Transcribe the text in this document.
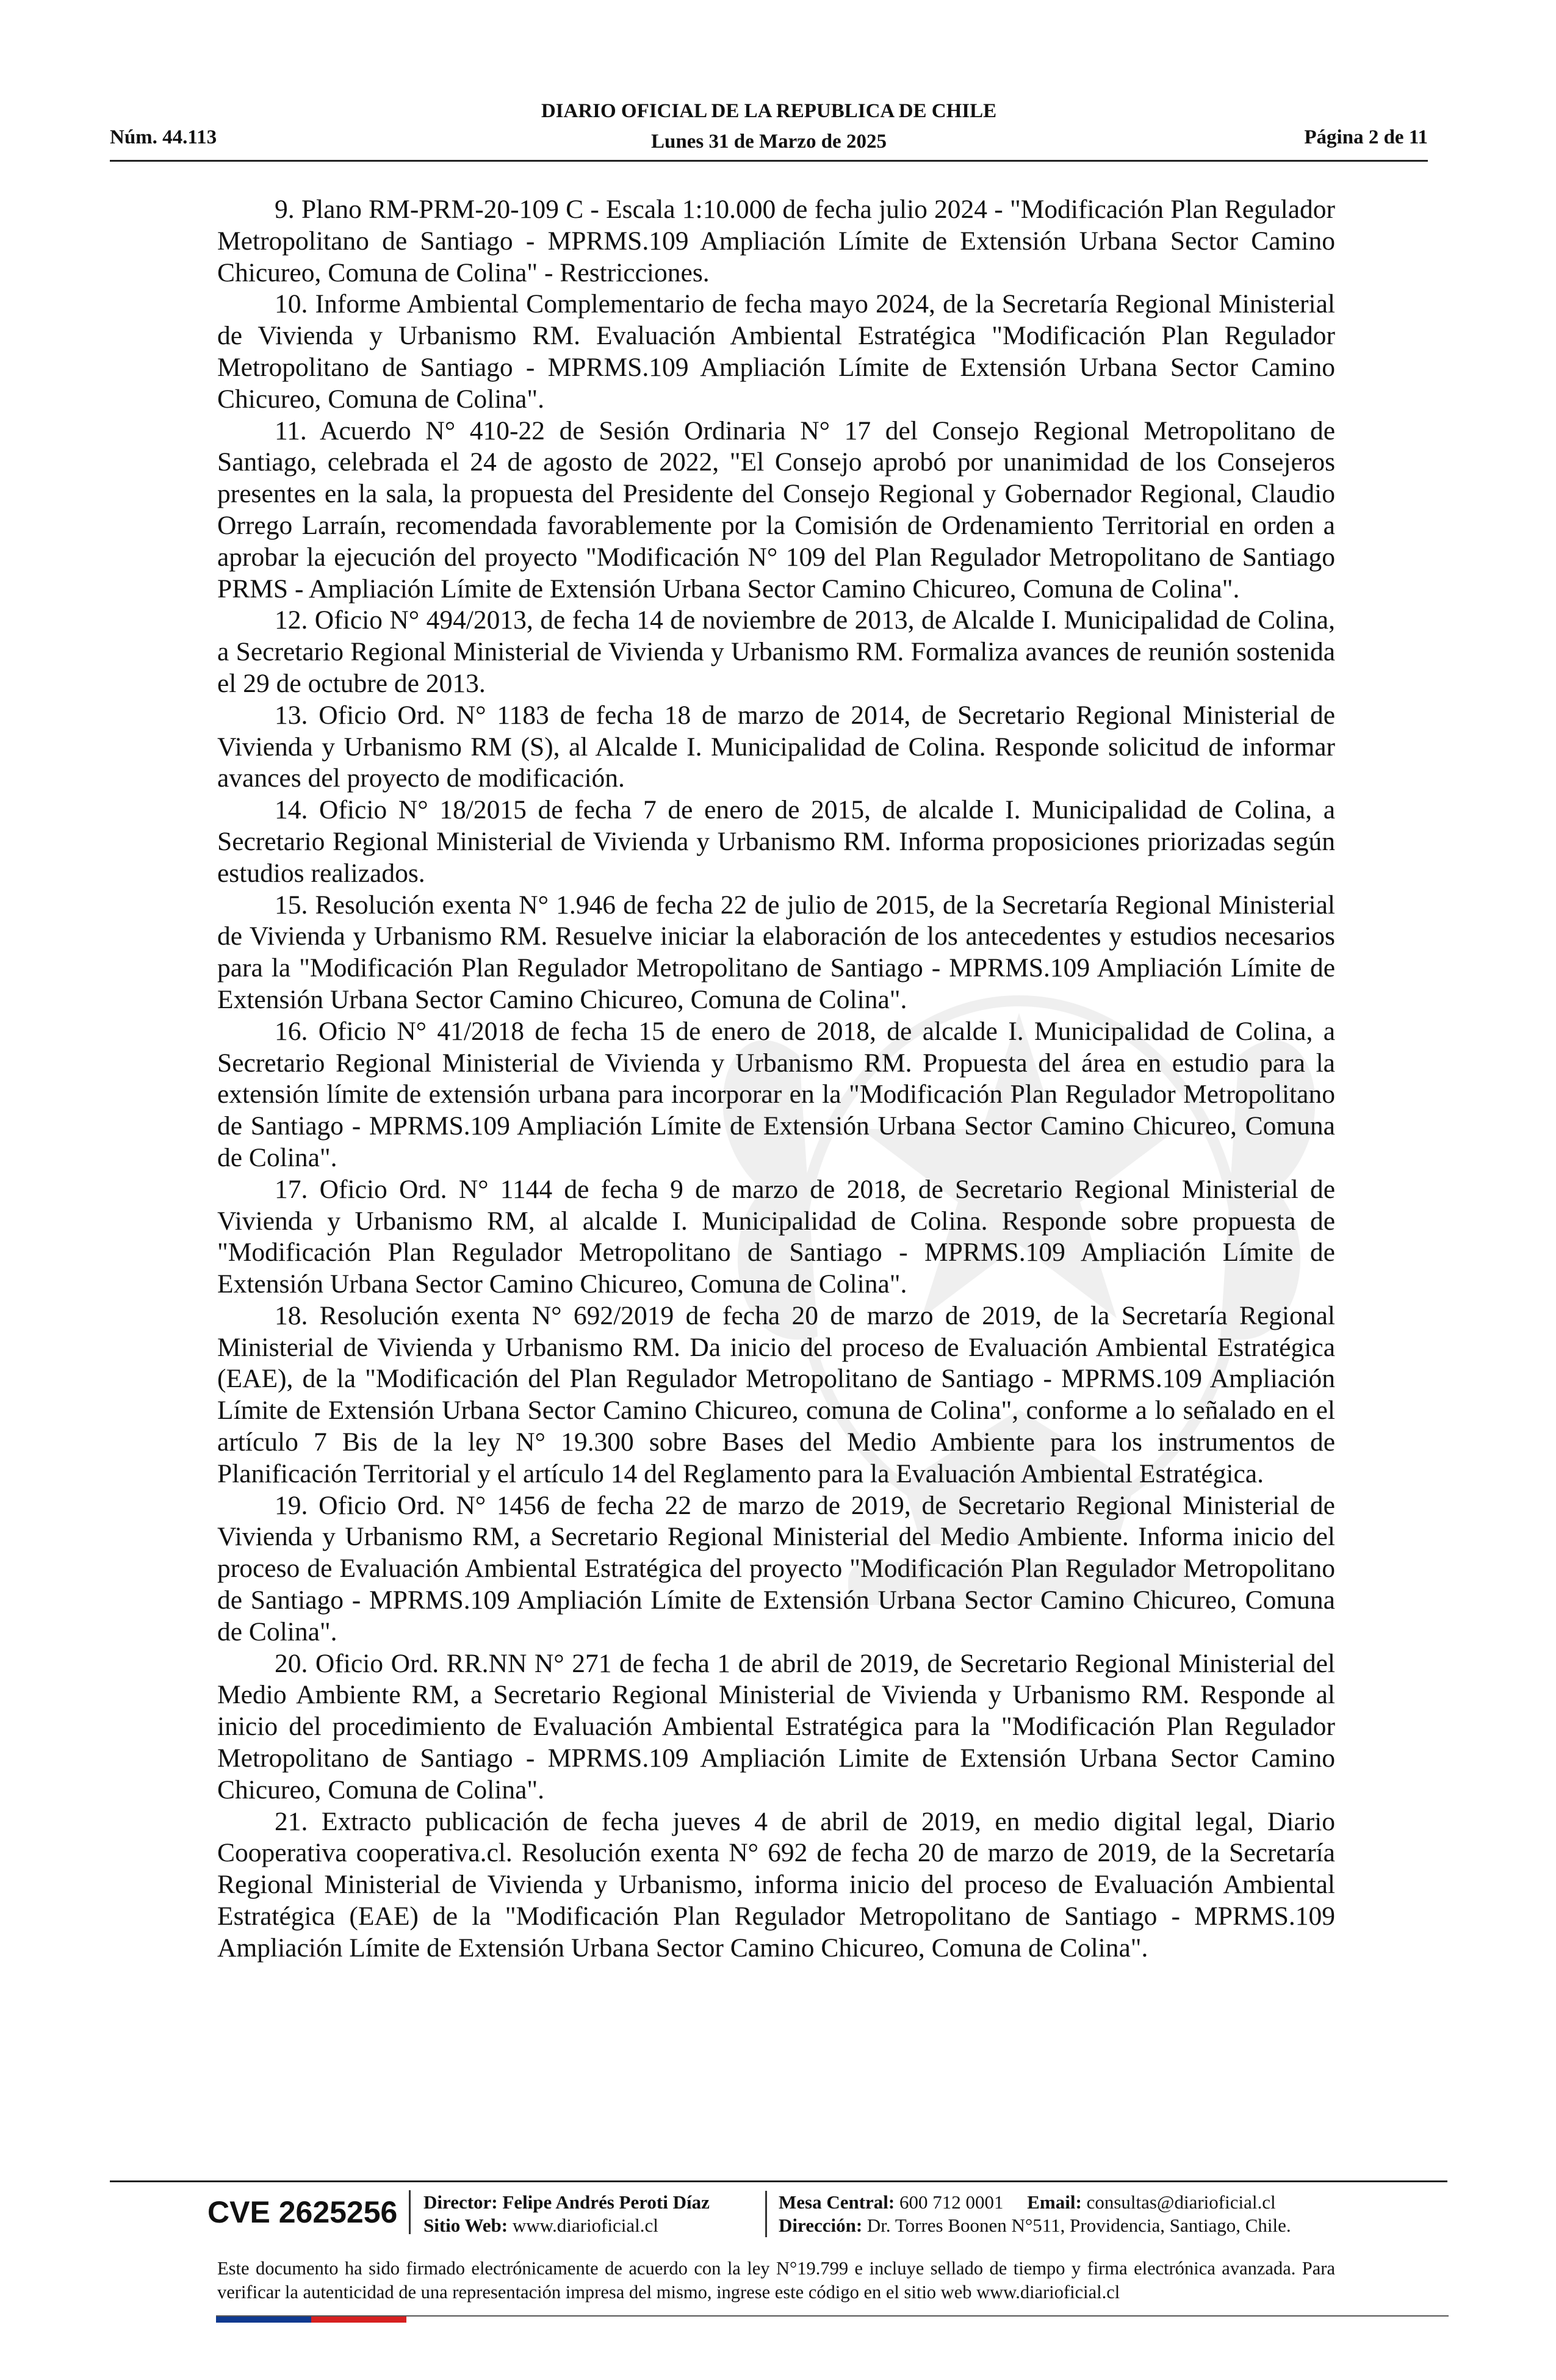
Núm. 44.113
DIARIO OFICIAL DE LA REPUBLICA DE CHILE
Lunes 31 de Marzo de 2025	Página 2 de 11

9. Plano RM-PRM-20-109 C - Escala 1:10.000 de fecha julio 2024 - "Modificación Plan Regulador Metropolitano de Santiago - MPRMS.109 Ampliación Límite de Extensión Urbana Sector Camino Chicureo, Comuna de Colina" - Restricciones.

10. Informe Ambiental Complementario de fecha mayo 2024, de la Secretaría Regional Ministerial de Vivienda y Urbanismo RM. Evaluación Ambiental Estratégica "Modificación Plan Regulador Metropolitano de Santiago - MPRMS.109 Ampliación Límite de Extensión Urbana Sector Camino Chicureo, Comuna de Colina".

11. Acuerdo N° 410-22 de Sesión Ordinaria N° 17 del Consejo Regional Metropolitano de Santiago, celebrada el 24 de agosto de 2022, "El Consejo aprobó por unanimidad de los Consejeros presentes en la sala, la propuesta del Presidente del Consejo Regional y Gobernador Regional, Claudio Orrego Larraín, recomendada favorablemente por la Comisión de Ordenamiento Territorial en orden a aprobar la ejecución del proyecto "Modificación N° 109 del Plan Regulador Metropolitano de Santiago PRMS - Ampliación Límite de Extensión Urbana Sector Camino Chicureo, Comuna de Colina".

12. Oficio N° 494/2013, de fecha 14 de noviembre de 2013, de Alcalde I. Municipalidad de Colina, a Secretario Regional Ministerial de Vivienda y Urbanismo RM. Formaliza avances de reunión sostenida el 29 de octubre de 2013.

13. Oficio Ord. N° 1183 de fecha 18 de marzo de 2014, de Secretario Regional Ministerial de Vivienda y Urbanismo RM (S), al Alcalde I. Municipalidad de Colina. Responde solicitud de informar avances del proyecto de modificación.

14. Oficio N° 18/2015 de fecha 7 de enero de 2015, de alcalde I. Municipalidad de Colina, a Secretario Regional Ministerial de Vivienda y Urbanismo RM. Informa proposiciones priorizadas según estudios realizados.

15. Resolución exenta N° 1.946 de fecha 22 de julio de 2015, de la Secretaría Regional Ministerial de Vivienda y Urbanismo RM. Resuelve iniciar la elaboración de los antecedentes y estudios necesarios para la "Modificación Plan Regulador Metropolitano de Santiago - MPRMS.109 Ampliación Límite de Extensión Urbana Sector Camino Chicureo, Comuna de Colina".

16. Oficio N° 41/2018 de fecha 15 de enero de 2018, de alcalde I. Municipalidad de Colina, a Secretario Regional Ministerial de Vivienda y Urbanismo RM. Propuesta del área en estudio para la extensión límite de extensión urbana para incorporar en la "Modificación Plan Regulador Metropolitano de Santiago - MPRMS.109 Ampliación Límite de Extensión Urbana Sector Camino Chicureo, Comuna de Colina".

17. Oficio Ord. N° 1144 de fecha 9 de marzo de 2018, de Secretario Regional Ministerial de Vivienda y Urbanismo RM, al alcalde I. Municipalidad de Colina. Responde sobre propuesta de "Modificación Plan Regulador Metropolitano de Santiago - MPRMS.109 Ampliación Límite de Extensión Urbana Sector Camino Chicureo, Comuna de Colina".

18. Resolución exenta N° 692/2019 de fecha 20 de marzo de 2019, de la Secretaría Regional Ministerial de Vivienda y Urbanismo RM. Da inicio del proceso de Evaluación Ambiental Estratégica (EAE), de la "Modificación del Plan Regulador Metropolitano de Santiago - MPRMS.109 Ampliación Límite de Extensión Urbana Sector Camino Chicureo, comuna de Colina", conforme a lo señalado en el artículo 7 Bis de la ley N° 19.300 sobre Bases del Medio Ambiente para los instrumentos de Planificación Territorial y el artículo 14 del Reglamento para la Evaluación Ambiental Estratégica.

19. Oficio Ord. N° 1456 de fecha 22 de marzo de 2019, de Secretario Regional Ministerial de Vivienda y Urbanismo RM, a Secretario Regional Ministerial del Medio Ambiente. Informa inicio del proceso de Evaluación Ambiental Estratégica del proyecto "Modificación Plan Regulador Metropolitano de Santiago - MPRMS.109 Ampliación Límite de Extensión Urbana Sector Camino Chicureo, Comuna de Colina".

20. Oficio Ord. RR.NN N° 271 de fecha 1 de abril de 2019, de Secretario Regional Ministerial del Medio Ambiente RM, a Secretario Regional Ministerial de Vivienda y Urbanismo RM. Responde al inicio del procedimiento de Evaluación Ambiental Estratégica para la "Modificación Plan Regulador Metropolitano de Santiago - MPRMS.109 Ampliación Limite de Extensión Urbana Sector Camino Chicureo, Comuna de Colina".

21. Extracto publicación de fecha jueves 4 de abril de 2019, en medio digital legal, Diario Cooperativa cooperativa.cl. Resolución exenta N° 692 de fecha 20 de marzo de 2019, de la Secretaría Regional Ministerial de Vivienda y Urbanismo, informa inicio del proceso de Evaluación Ambiental Estratégica (EAE) de la "Modificación Plan Regulador Metropolitano de Santiago - MPRMS.109 Ampliación Límite de Extensión Urbana Sector Camino Chicureo, Comuna de Colina".

CVE 2625256	Director: Felipe Andrés Peroti Díaz
Sitio Web: www.diarioficial.cl
Mesa Central: 600 712 0001 Email: consultas@diarioficial.cl
Dirección: Dr. Torres Boonen N°511, Providencia, Santiago, Chile.
Este documento ha sido firmado electrónicamente de acuerdo con la ley N°19.799 e incluye sellado de tiempo y firma electrónica avanzada. Para verificar la autenticidad de una representación impresa del mismo, ingrese este código en el sitio web www.diarioficial.cl
